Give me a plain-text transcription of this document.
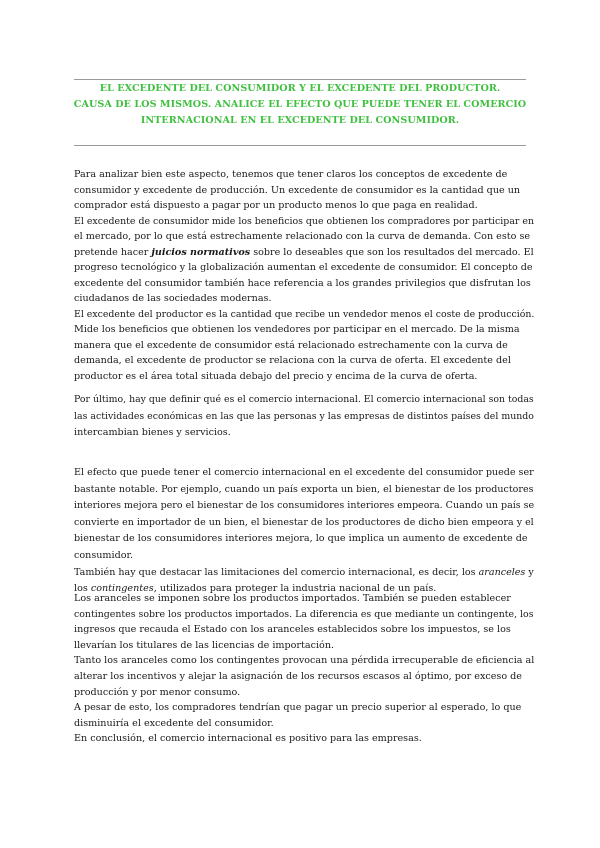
EL EXCEDENTE DEL CONSUMIDOR Y EL EXCEDENTE DEL PRODUCTOR.
CAUSA DE LOS MISMOS. ANALICE EL EFECTO QUE PUEDE TENER EL COMERCIO
INTERNACIONAL EN EL EXCEDENTE DEL CONSUMIDOR.
Para analizar bien este aspecto, tenemos que tener claros los conceptos de excedente de
consumidor y excedente de producción. Un excedente de consumidor es la cantidad que un
comprador está dispuesto a pagar por un producto menos lo que paga en realidad.
El excedente de consumidor mide los beneficios que obtienen los compradores por participar en
el mercado, por lo que está estrechamente relacionado con la curva de demanda. Con esto se
pretende hacer juicios normativos sobre lo deseables que son los resultados del mercado. El
progreso tecnológico y la globalización aumentan el excedente de consumidor. El concepto de
excedente del consumidor también hace referencia a los grandes privilegios que disfrutan los
ciudadanos de las sociedades modernas.
El excedente del productor es la cantidad que recibe un vendedor menos el coste de producción.
Mide los beneficios que obtienen los vendedores por participar en el mercado. De la misma
manera que el excedente de consumidor está relacionado estrechamente con la curva de
demanda, el excedente de productor se relaciona con la curva de oferta. El excedente del
productor es el área total situada debajo del precio y encima de la curva de oferta.
Por último, hay que definir qué es el comercio internacional. El comercio internacional son todas
las actividades económicas en las que las personas y las empresas de distintos países del mundo
intercambian bienes y servicios.
El efecto que puede tener el comercio internacional en el excedente del consumidor puede ser
bastante notable. Por ejemplo, cuando un país exporta un bien, el bienestar de los productores
interiores mejora pero el bienestar de los consumidores interiores empeora. Cuando un país se
convierte en importador de un bien, el bienestar de los productores de dicho bien empeora y el
bienestar de los consumidores interiores mejora, lo que implica un aumento de excedente de
consumidor.
También hay que destacar las limitaciones del comercio internacional, es decir, los aranceles y
los contingentes, utilizados para proteger la industria nacional de un país.
Los aranceles se imponen sobre los productos importados. También se pueden establecer
contingentes sobre los productos importados. La diferencia es que mediante un contingente, los
ingresos que recauda el Estado con los aranceles establecidos sobre los impuestos, se los
llevarían los titulares de las licencias de importación.
Tanto los aranceles como los contingentes provocan una pérdida irrecuperable de eficiencia al
alterar los incentivos y alejar la asignación de los recursos escasos al óptimo, por exceso de
producción y por menor consumo.
A pesar de esto, los compradores tendrían que pagar un precio superior al esperado, lo que
disminuiría el excedente del consumidor.
En conclusión, el comercio internacional es positivo para las empresas.
